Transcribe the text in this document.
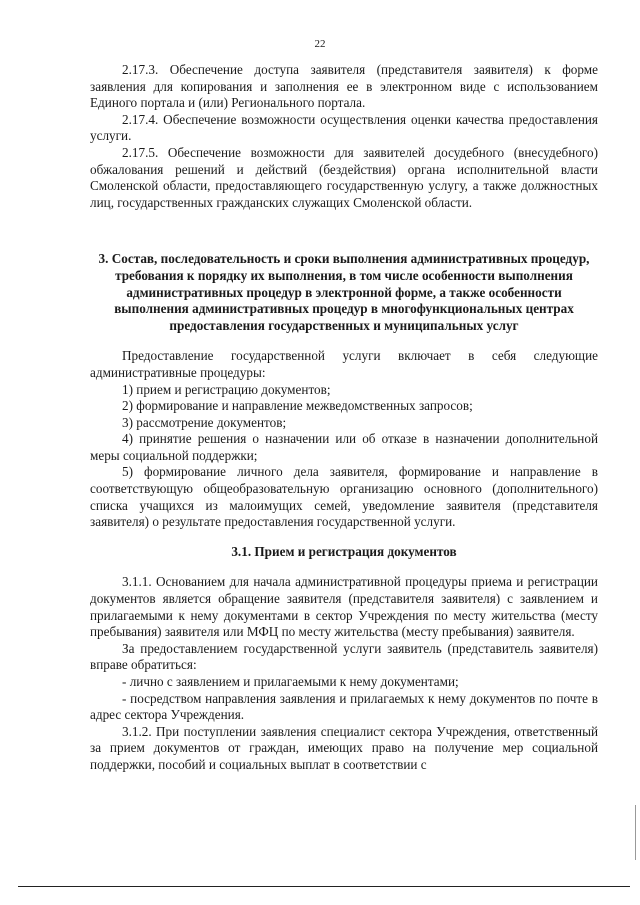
22

2.17.3. Обеспечение доступа заявителя (представителя заявителя) к форме заявления для копирования и заполнения ее в электронном виде с использованием Единого портала и (или) Регионального портала.

2.17.4. Обеспечение возможности осуществления оценки качества предоставления услуги.

2.17.5. Обеспечение возможности для заявителей досудебного (внесудебного) обжалования решений и действий (бездействия) органа исполнительной власти Смоленской области, предоставляющего государственную услугу, а также должностных лиц, государственных гражданских служащих Смоленской области.

3. Состав, последовательность и сроки выполнения административных процедур, требования к порядку их выполнения, в том числе особенности выполнения административных процедур в электронной форме, а также особенности выполнения административных процедур в многофункциональных центрах предоставления государственных и муниципальных услуг

Предоставление государственной услуги включает в себя следующие административные процедуры:

1) прием и регистрацию документов;

2) формирование и направление межведомственных запросов;

3) рассмотрение документов;

4) принятие решения о назначении или об отказе в назначении дополнительной меры социальной поддержки;

5) формирование личного дела заявителя, формирование и направление в соответствующую общеобразовательную организацию основного (дополнительного) списка учащихся из малоимущих семей, уведомление заявителя (представителя заявителя) о результате предоставления государственной услуги.

3.1. Прием и регистрация документов

3.1.1. Основанием для начала административной процедуры приема и регистрации документов является обращение заявителя (представителя заявителя) с заявлением и прилагаемыми к нему документами в сектор Учреждения по месту жительства (месту пребывания) заявителя или МФЦ по месту жительства (месту пребывания) заявителя.

За предоставлением государственной услуги заявитель (представитель заявителя) вправе обратиться:

- лично с заявлением и прилагаемыми к нему документами;

- посредством направления заявления и прилагаемых к нему документов по почте в адрес сектора Учреждения.

3.1.2. При поступлении заявления специалист сектора Учреждения, ответственный за прием документов от граждан, имеющих право на получение мер социальной поддержки, пособий и социальных выплат в соответствии с
